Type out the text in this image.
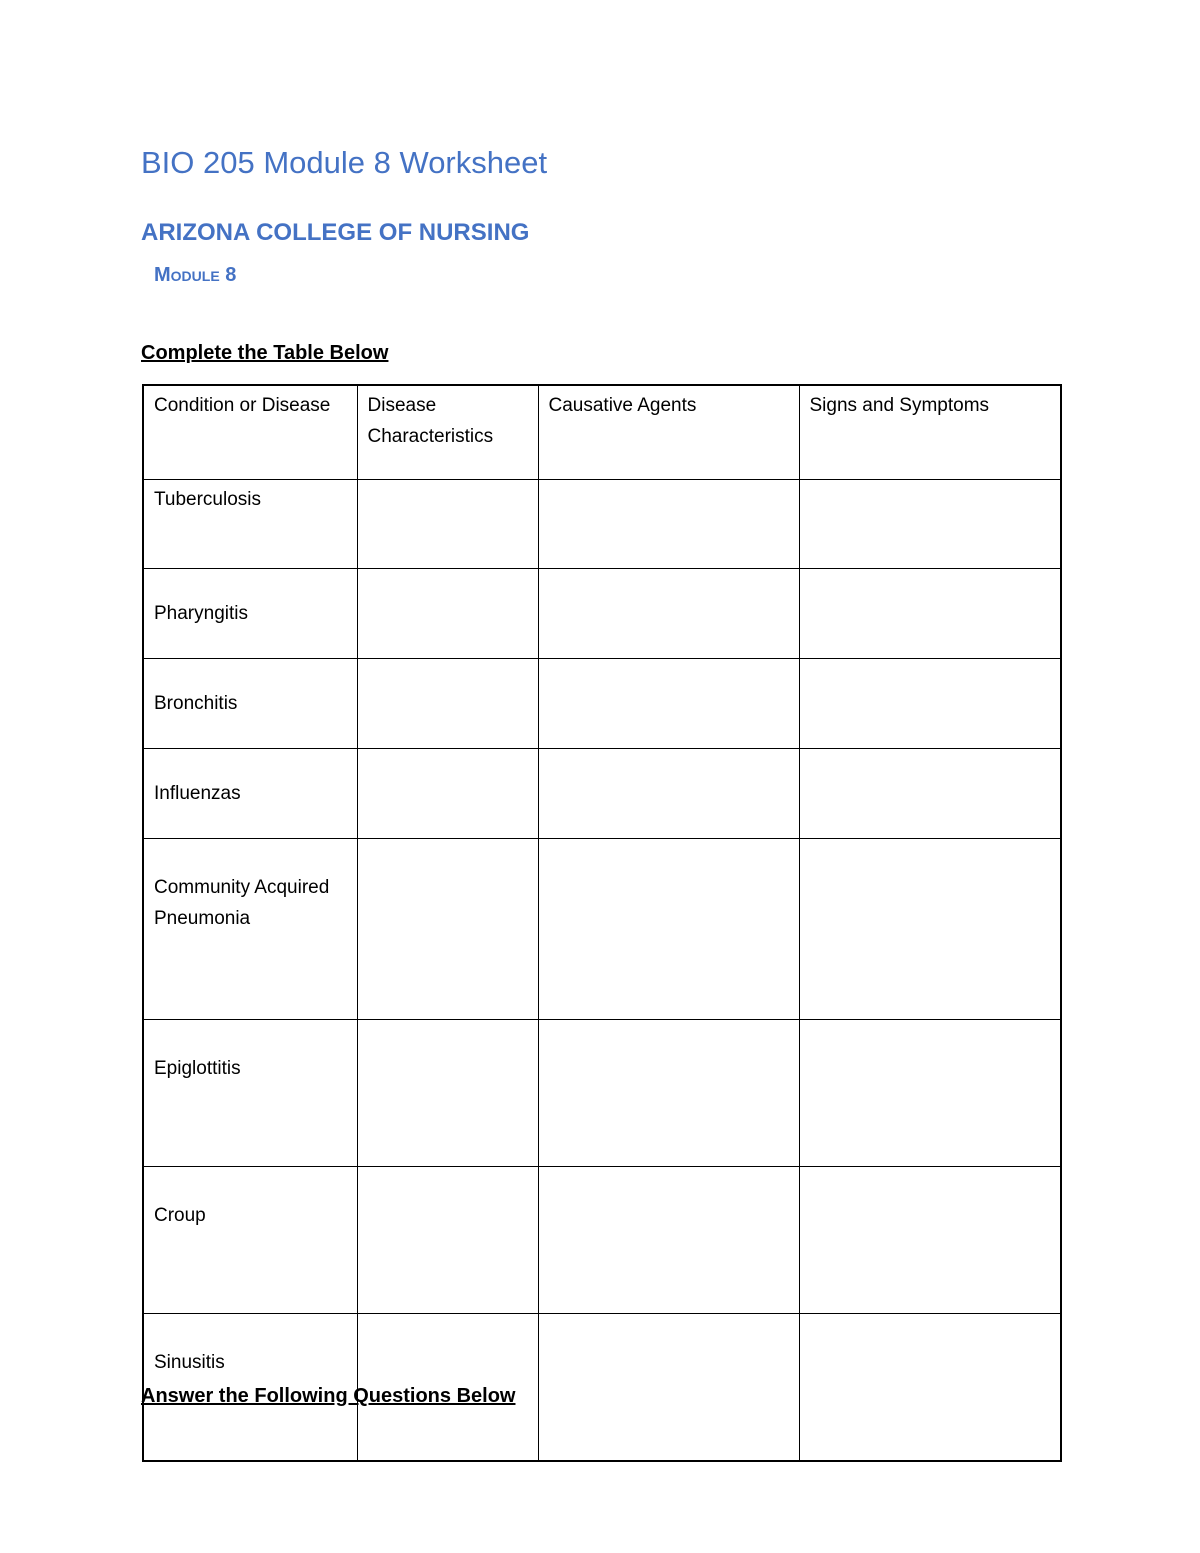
BIO 205 Module 8 Worksheet
ARIZONA COLLEGE OF NURSING
Module 8
Complete the Table Below
Condition or Disease	Disease Characteristics	Causative Agents	Signs and Symptoms
Tuberculosis			
Pharyngitis			
Bronchitis			
Influenzas			
Community Acquired Pneumonia			
Epiglottitis			
Croup			
Sinusitis			
Answer the Following Questions Below
